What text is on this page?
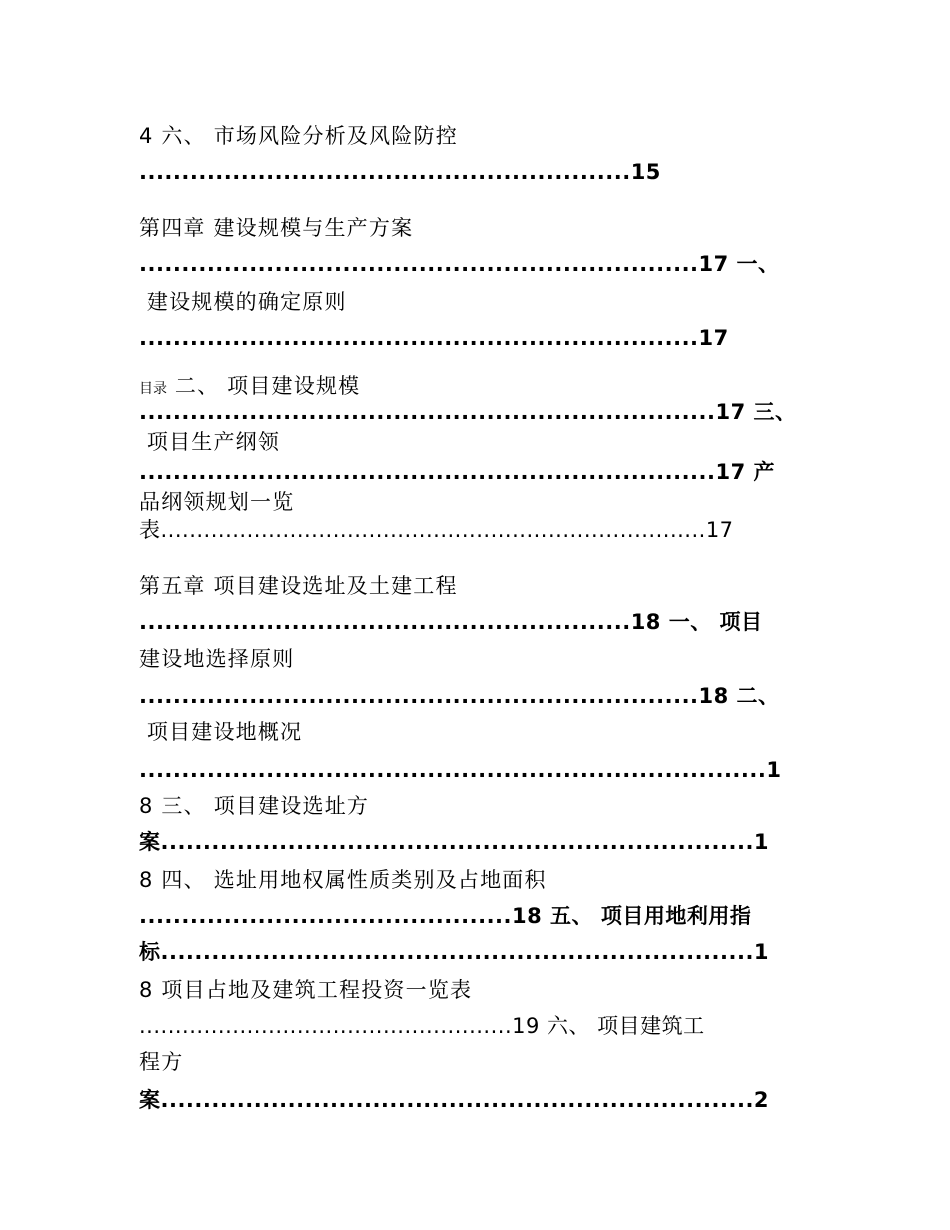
4 六、 市场风险分析及风险防控
..........................................................15
第四章 建设规模与生产方案
..................................................................17 一、
建设规模的确定原则
..................................................................17
目录 二、 项目建设规模
....................................................................17 三、
项目生产纲领
....................................................................17 产
品纲领规划一览
表............................................................................17
第五章 项目建设选址及土建工程
..........................................................18 一、 项目
建设地选择原则
..................................................................18 二、
项目建设地概况
..........................................................................1
8 三、 项目建设选址方
案......................................................................1
8 四、 选址用地权属性质类别及占地面积
............................................18 五、 项目用地利用指
标......................................................................1
8 项目占地及建筑工程投资一览表
....................................................19 六、 项目建筑工
程方
案......................................................................2
